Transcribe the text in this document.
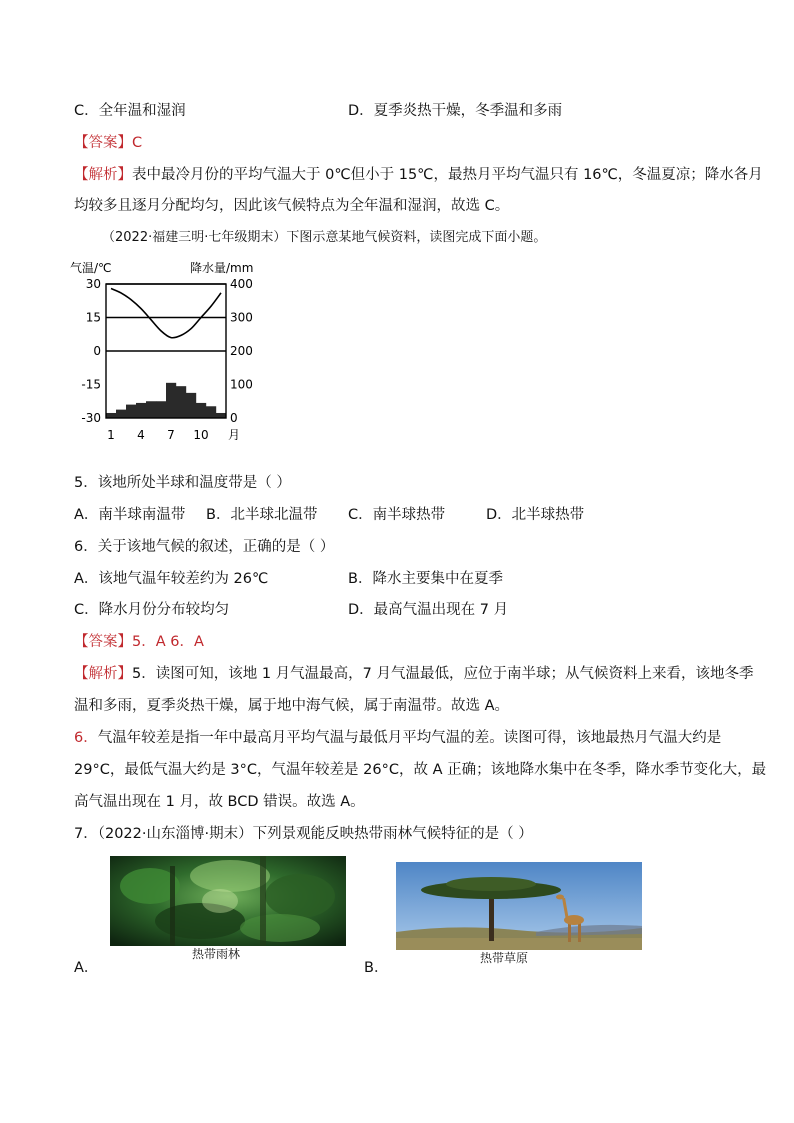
C．全年温和湿润	D．夏季炎热干燥，冬季温和多雨
【答案】C
【解析】表中最冷月份的平均气温大于 0℃但小于 15℃，最热月平均气温只有 16℃，冬温夏凉；降水各月
均较多且逐月分配均匀，因此该气候特点为全年温和湿润，故选 C。
（2022·福建三明·七年级期末）下图示意某地气候资料，读图完成下面小题。
气温/℃	降水量/mm
30
15
0
-15
-30
400
300
200
100
0
1 4 7 10 月
5．该地所处半球和温度带是（ ）
A．南半球南温带 B．北半球北温带 C．南半球热带	D．北半球热带
6．关于该地气候的叙述，正确的是（ ）
A．该地气温年较差约为 26℃	B．降水主要集中在夏季
C．降水月份分布较均匀	D．最高气温出现在 7 月
【答案】5．A 6．A
【解析】5．读图可知，该地 1 月气温最高，7 月气温最低，应位于南半球；从气候资料上来看，该地冬季
温和多雨，夏季炎热干燥，属于地中海气候，属于南温带。故选 A。
6．气温年较差是指一年中最高月平均气温与最低月平均气温的差。读图可得，该地最热月气温大约是
29°C，最低气温大约是 3°C，气温年较差是 26°C，故 A 正确；该地降水集中在冬季，降水季节变化大，最
高气温出现在 1 月，故 BCD 错误。故选 A。
7．（2022·山东淄博·期末）下列景观能反映热带雨林气候特征的是（ ）
热带雨林
A．
热带草原
B．
